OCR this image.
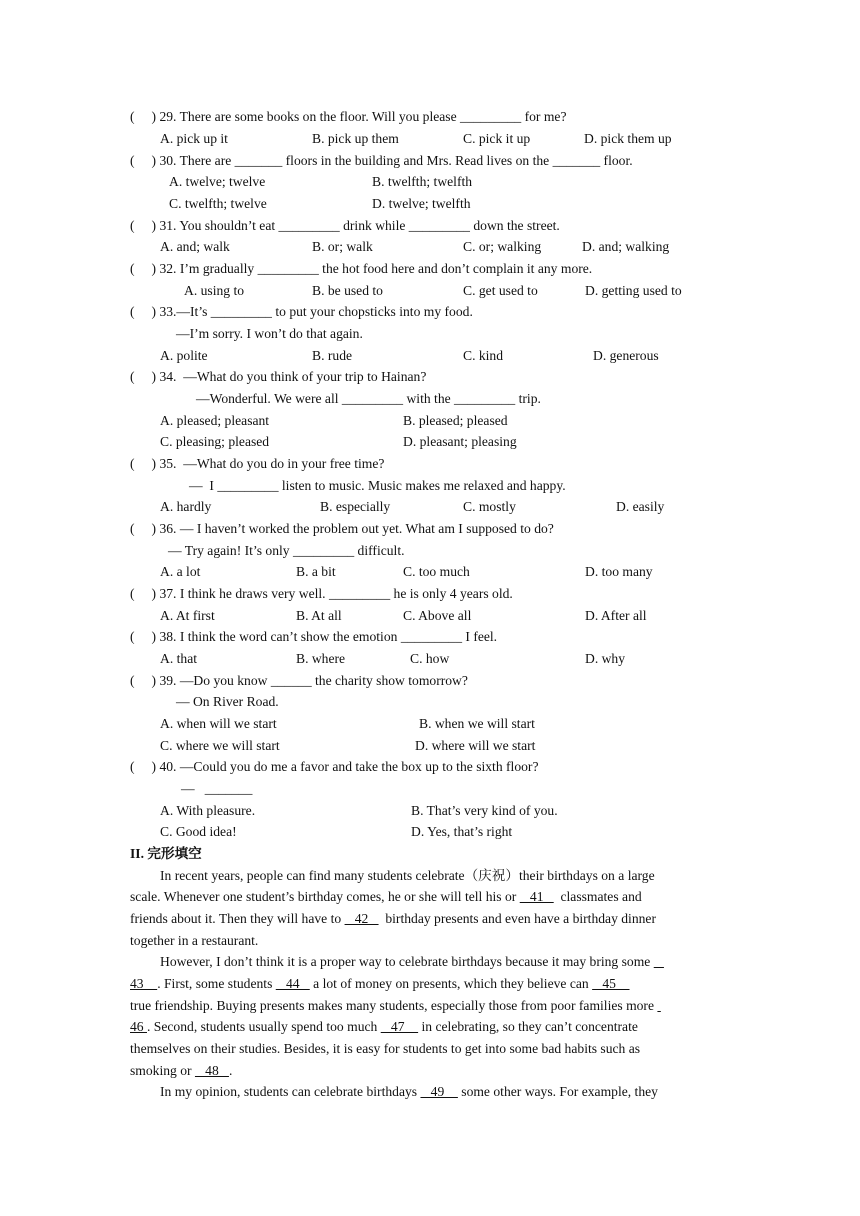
(     ) 29. There are some books on the floor. Will you please _________ for me?
A. pick up it	B. pick up them	C. pick it up	D. pick them up
(     ) 30. There are _______ floors in the building and Mrs. Read lives on the _______ floor.
A. twelve; twelve	B. twelfth; twelfth
C. twelfth; twelve	D. twelve; twelfth
(     ) 31. You shouldn’t eat _________ drink while _________ down the street.
A. and; walk	B. or; walk	C. or; walking	D. and; walking
(     ) 32. I’m gradually _________ the hot food here and don’t complain it any more.
A. using to	B. be used to	C. get used to	D. getting used to
(     ) 33.—It’s _________ to put your chopsticks into my food.
—I’m sorry. I won’t do that again.
A. polite	B. rude	C. kind	D. generous
(     ) 34.  —What do you think of your trip to Hainan?
—Wonderful. We were all _________ with the _________ trip.
A. pleased; pleasant	B. pleased; pleased
C. pleasing; pleased	D. pleasant; pleasing
(     ) 35.  —What do you do in your free time?
—  I _________ listen to music. Music makes me relaxed and happy.
A. hardly	B. especially	C. mostly	D. easily
(     ) 36. — I haven’t worked the problem out yet. What am I supposed to do?
— Try again! It’s only _________ difficult.
A. a lot	B. a bit	C. too much	D. too many
(     ) 37. I think he draws very well. _________ he is only 4 years old.
A. At first	B. At all	C. Above all	D. After all
(     ) 38. I think the word can’t show the emotion _________ I feel.
A. that	B. where	C. how	D. why
(     ) 39. —Do you know ______ the charity show tomorrow?
— On River Road.
A. when will we start	B. when we will start
C. where we will start	D. where will we start
(     ) 40. —Could you do me a favor and take the box up to the sixth floor?
—   _______
A. With pleasure.	B. That’s very kind of you.
C. Good idea!	D. Yes, that’s right
II. 完形填空
In recent years, people can find many students celebrate（庆祝）their birthdays on a large
scale. Whenever one student’s birthday comes, he or she will tell his or    41     classmates and
friends about it. Then they will have to    42     birthday presents and even have a birthday dinner
together in a restaurant.
However, I don’t think it is a proper way to celebrate birthdays because it may bring some
43    . First, some students    44    a lot of money on presents, which they believe can    45
true friendship. Buying presents makes many students, especially those from poor families more
46 . Second, students usually spend too much    47     in celebrating, so they can’t concentrate
themselves on their studies. Besides, it is easy for students to get into some bad habits such as
smoking or    48   .
In my opinion, students can celebrate birthdays    49     some other ways. For example, they
